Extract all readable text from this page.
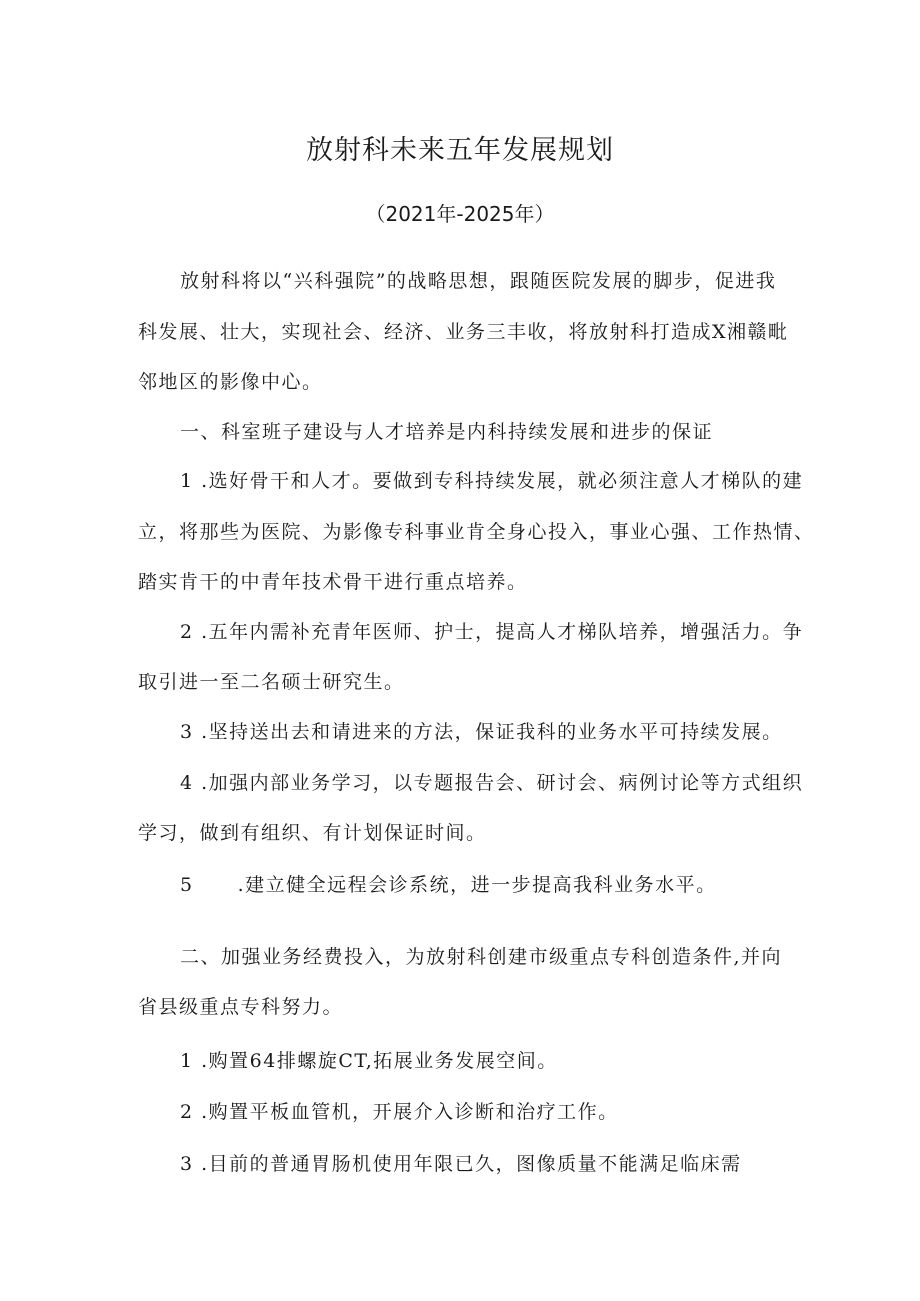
放射科未来五年发展规划
（2021年-2025年）

放射科将以“兴科强院”的战略思想，跟随医院发展的脚步，促进我

科发展、壮大，实现社会、经济、业务三丰收，将放射科打造成X湘赣毗

邻地区的影像中心。

一、科室班子建设与人才培养是内科持续发展和进步的保证

1 .选好骨干和人才。要做到专科持续发展，就必须注意人才梯队的建

立，将那些为医院、为影像专科事业肯全身心投入，事业心强、工作热情、

踏实肯干的中青年技术骨干进行重点培养。

2 .五年内需补充青年医师、护士，提高人才梯队培养，增强活力。争

取引进一至二名硕士研究生。

3 .坚持送出去和请进来的方法，保证我科的业务水平可持续发展。

4 .加强内部业务学习，以专题报告会、研讨会、病例讨论等方式组织

学习，做到有组织、有计划保证时间。

5 .建立健全远程会诊系统，进一步提高我科业务水平。

二、加强业务经费投入，为放射科创建市级重点专科创造条件,并向

省县级重点专科努力。

1 .购置64排螺旋CT,拓展业务发展空间。

2 .购置平板血管机，开展介入诊断和治疗工作。

3 .目前的普通胃肠机使用年限已久，图像质量不能满足临床需
